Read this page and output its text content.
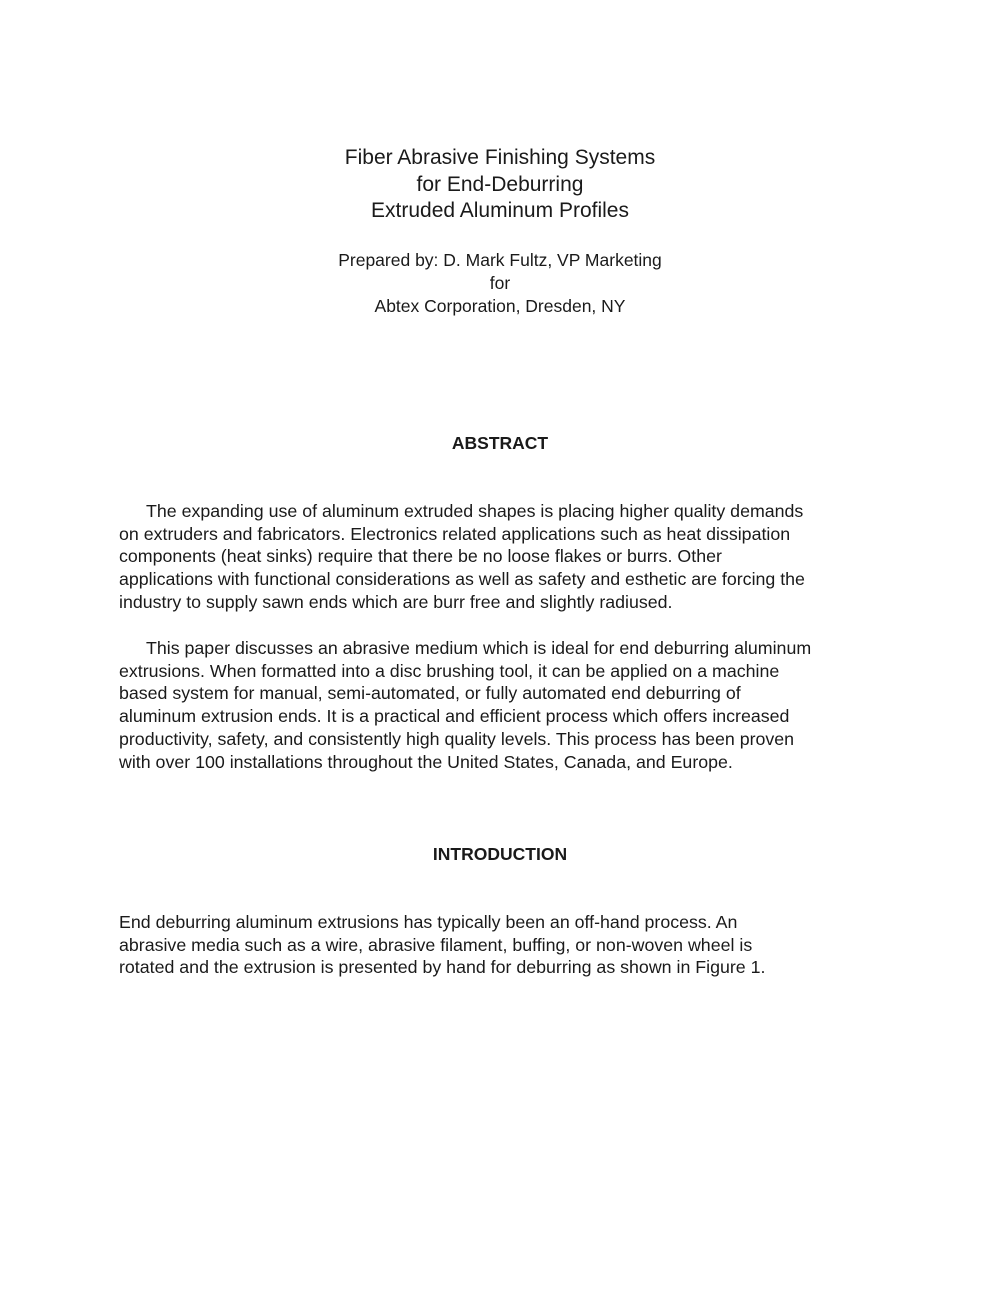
Fiber Abrasive Finishing Systems
for End-Deburring
Extruded Aluminum Profiles
Prepared by: D. Mark Fultz, VP Marketing
for
Abtex Corporation, Dresden, NY
ABSTRACT
The expanding use of aluminum extruded shapes is placing higher quality demands
on extruders and fabricators. Electronics related applications such as heat dissipation
components (heat sinks) require that there be no loose flakes or burrs. Other
applications with functional considerations as well as safety and esthetic are forcing the
industry to supply sawn ends which are burr free and slightly radiused.
This paper discusses an abrasive medium which is ideal for end deburring aluminum
extrusions. When formatted into a disc brushing tool, it can be applied on a machine
based system for manual, semi-automated, or fully automated end deburring of
aluminum extrusion ends. It is a practical and efficient process which offers increased
productivity, safety, and consistently high quality levels. This process has been proven
with over 100 installations throughout the United States, Canada, and Europe.
INTRODUCTION
End deburring aluminum extrusions has typically been an off-hand process. An
abrasive media such as a wire, abrasive filament, buffing, or non-woven wheel is
rotated and the extrusion is presented by hand for deburring as shown in Figure 1.
